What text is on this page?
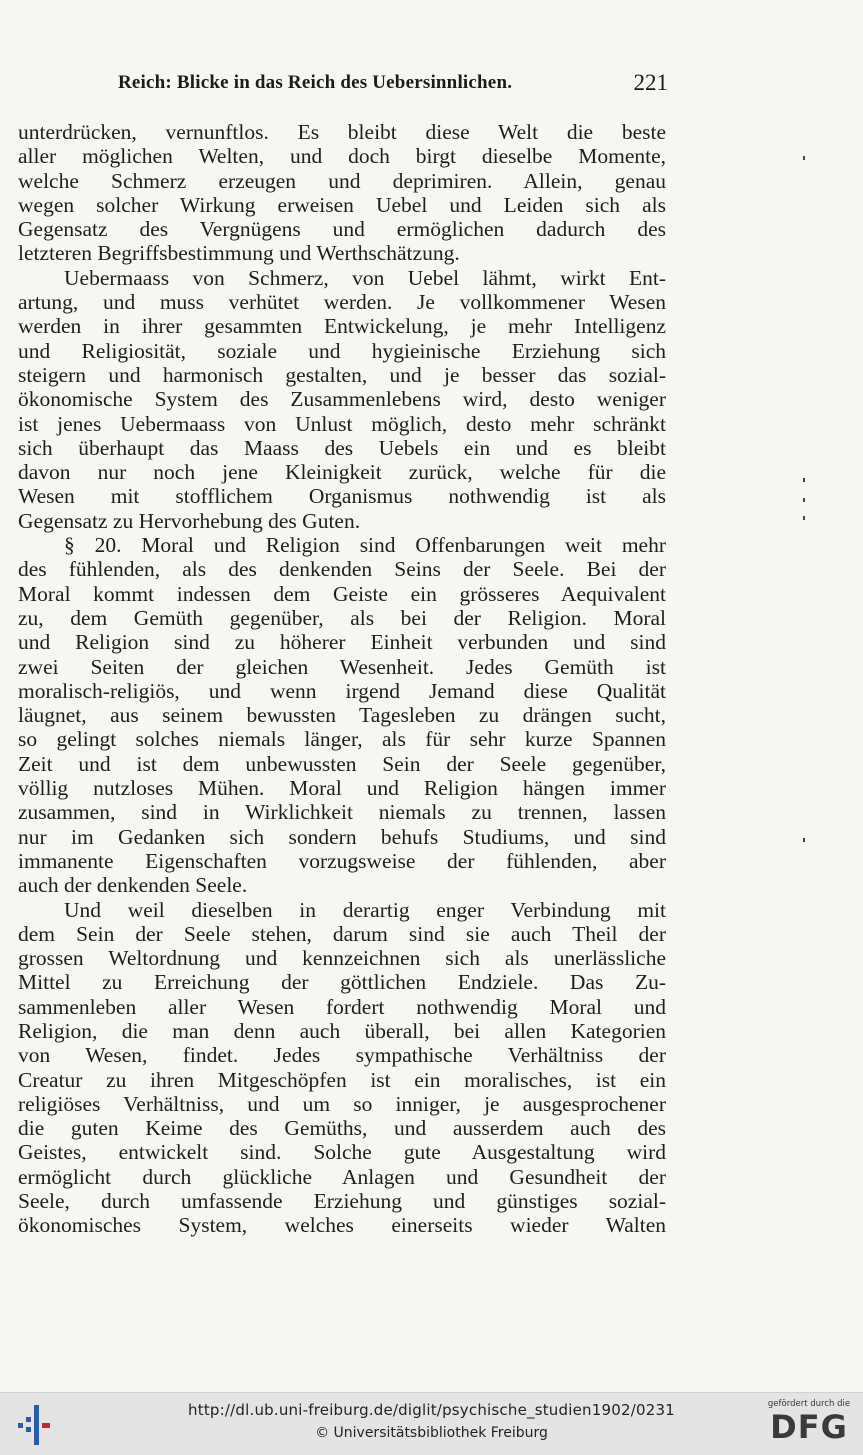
Reich: Blicke in das Reich des Uebersinnlichen.	221
unterdrücken, vernunftlos. Es bleibt diese Welt die beste
aller möglichen Welten, und doch birgt dieselbe Momente,
welche Schmerz erzeugen und deprimiren. Allein, genau
wegen solcher Wirkung erweisen Uebel und Leiden sich als
Gegensatz des Vergnügens und ermöglichen dadurch des
letzteren Begriffsbestimmung und Werthschätzung.
Uebermaass von Schmerz, von Uebel lähmt, wirkt Ent-
artung, und muss verhütet werden. Je vollkommener Wesen
werden in ihrer gesammten Entwickelung, je mehr Intelligenz
und Religiosität, soziale und hygieinische Erziehung sich
steigern und harmonisch gestalten, und je besser das sozial-
ökonomische System des Zusammenlebens wird, desto weniger
ist jenes Uebermaass von Unlust möglich, desto mehr schränkt
sich überhaupt das Maass des Uebels ein und es bleibt
davon nur noch jene Kleinigkeit zurück, welche für die
Wesen mit stofflichem Organismus nothwendig ist als
Gegensatz zu Hervorhebung des Guten.
§ 20. Moral und Religion sind Offenbarungen weit mehr
des fühlenden, als des denkenden Seins der Seele. Bei der
Moral kommt indessen dem Geiste ein grösseres Aequivalent
zu, dem Gemüth gegenüber, als bei der Religion. Moral
und Religion sind zu höherer Einheit verbunden und sind
zwei Seiten der gleichen Wesenheit. Jedes Gemüth ist
moralisch-religiös, und wenn irgend Jemand diese Qualität
läugnet, aus seinem bewussten Tagesleben zu drängen sucht,
so gelingt solches niemals länger, als für sehr kurze Spannen
Zeit und ist dem unbewussten Sein der Seele gegenüber,
völlig nutzloses Mühen. Moral und Religion hängen immer
zusammen, sind in Wirklichkeit niemals zu trennen, lassen
nur im Gedanken sich sondern behufs Studiums, und sind
immanente Eigenschaften vorzugsweise der fühlenden, aber
auch der denkenden Seele.
Und weil dieselben in derartig enger Verbindung mit
dem Sein der Seele stehen, darum sind sie auch Theil der
grossen Weltordnung und kennzeichnen sich als unerlässliche
Mittel zu Erreichung der göttlichen Endziele. Das Zu-
sammenleben aller Wesen fordert nothwendig Moral und
Religion, die man denn auch überall, bei allen Kategorien
von Wesen, findet. Jedes sympathische Verhältniss der
Creatur zu ihren Mitgeschöpfen ist ein moralisches, ist ein
religiöses Verhältniss, und um so inniger, je ausgesprochener
die guten Keime des Gemüths, und ausserdem auch des
Geistes, entwickelt sind. Solche gute Ausgestaltung wird
ermöglicht durch glückliche Anlagen und Gesundheit der
Seele, durch umfassende Erziehung und günstiges sozial-
ökonomisches System, welches einerseits wieder Walten
http://dl.ub.uni-freiburg.de/diglit/psychische_studien1902/0231
© Universitätsbibliothek Freiburg
gefördert durch die
DFG
